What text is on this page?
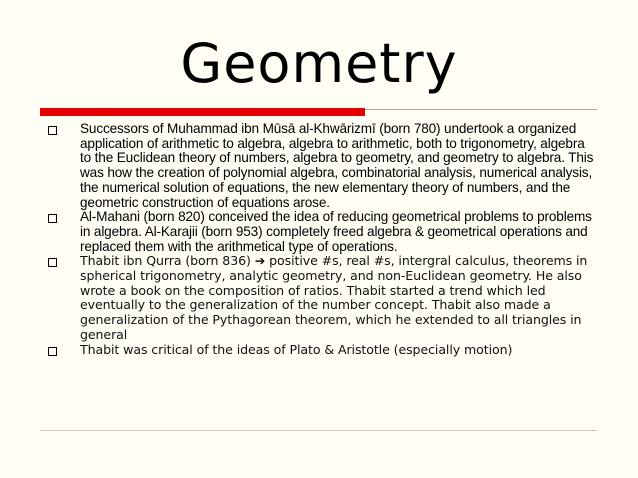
Geometry
Successors of Muhammad ibn Mūsā al-Khwārizmī (born 780) undertook a organized application of arithmetic to algebra, algebra to arithmetic, both to trigonometry, algebra to the Euclidean theory of numbers, algebra to geometry, and geometry to algebra. This was how the creation of polynomial algebra, combinatorial analysis, numerical analysis, the numerical solution of equations, the new elementary theory of numbers, and the geometric construction of equations arose.
Al-Mahani (born 820) conceived the idea of reducing geometrical problems to problems in algebra. Al-Karajii (born 953) completely freed algebra & geometrical operations and replaced them with the arithmetical type of operations.
Thabit ibn Qurra (born 836) ➔ positive #s, real #s, intergral calculus, theorems in spherical trigonometry, analytic geometry, and non-Euclidean geometry. He also wrote a book on the composition of ratios. Thabit started a trend which led eventually to the generalization of the number concept. Thabit also made a generalization of the Pythagorean theorem, which he extended to all triangles in general
Thabit was critical of the ideas of Plato & Aristotle (especially motion)
